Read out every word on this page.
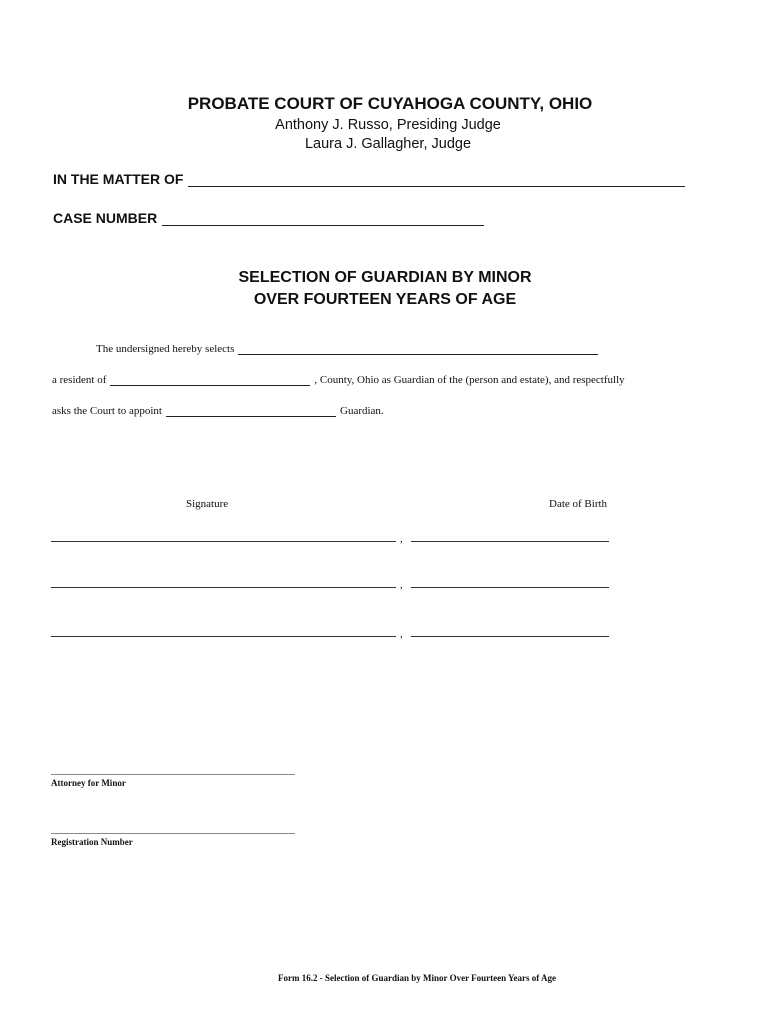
PROBATE COURT OF CUYAHOGA COUNTY, OHIO
Anthony J. Russo, Presiding Judge
Laura J. Gallagher, Judge
IN THE MATTER OF
CASE NUMBER
SELECTION OF GUARDIAN BY MINOR
OVER FOURTEEN YEARS OF AGE
The undersigned hereby selects
a resident of	, County, Ohio as Guardian of the (person and estate), and respectfully
asks the Court to appoint	Guardian.
Signature	Date of Birth
,
,
,
Attorney for Minor
Registration Number
Form 16.2 - Selection of Guardian by Minor Over Fourteen Years of Age
